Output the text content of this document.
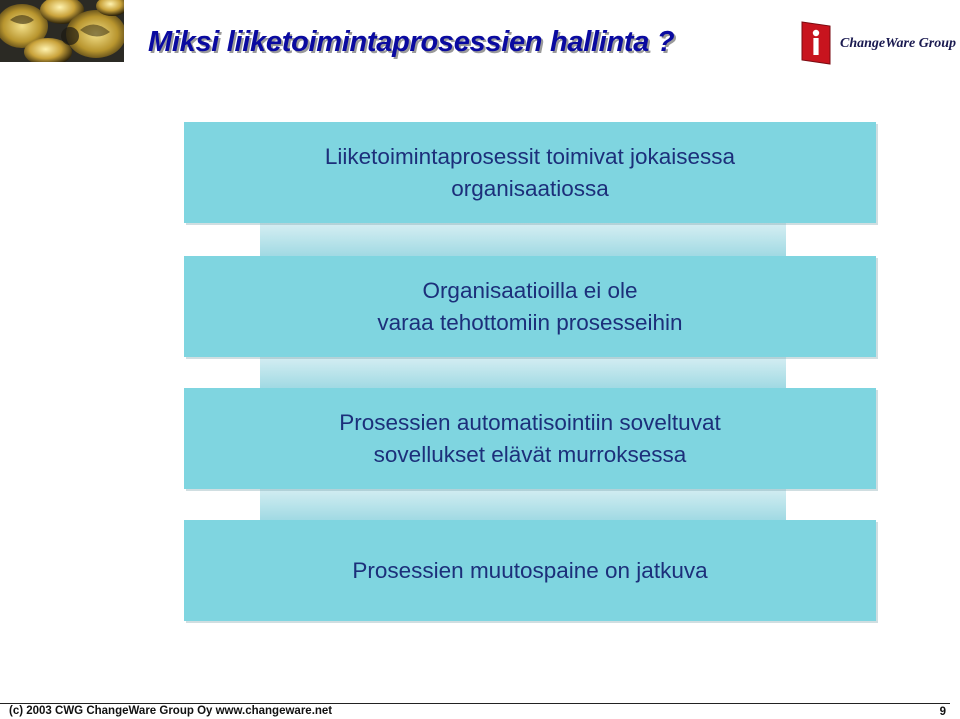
Miksi liiketoimintaprosessien hallinta ?	ChangeWare Group
Liiketoimintaprosessit toimivat jokaisessa
organisaatiossa
Organisaatioilla ei ole
varaa tehottomiin prosesseihin
Prosessien automatisointiin soveltuvat
sovellukset elävät murroksessa
Prosessien muutospaine on jatkuva
(c) 2003 CWG ChangeWare Group Oy www.changeware.net	9
